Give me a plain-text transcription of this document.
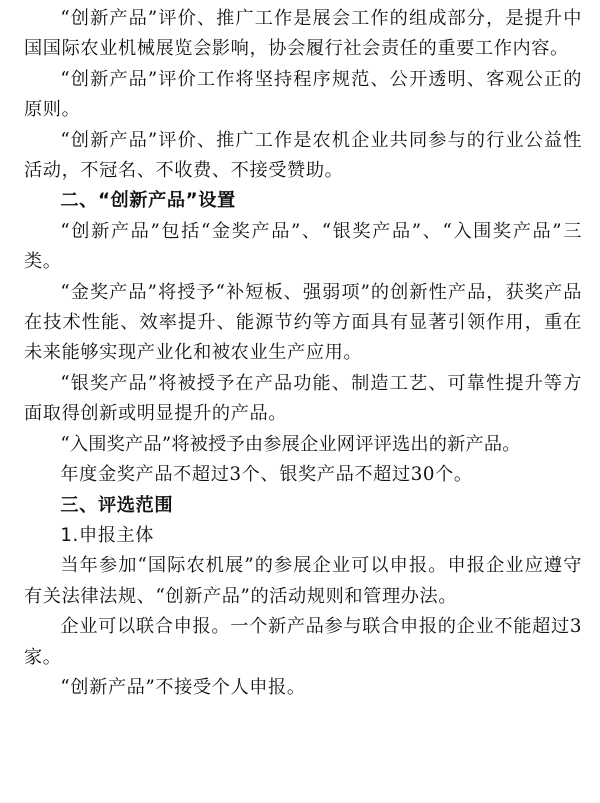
“创新产品”评价、推广工作是展会工作的组成部分，是提升中国国际农业机械展览会影响，协会履行社会责任的重要工作内容。

“创新产品”评价工作将坚持程序规范、公开透明、客观公正的原则。

“创新产品”评价、推广工作是农机企业共同参与的行业公益性活动，不冠名、不收费、不接受赞助。

二、“创新产品”设置

“创新产品”包括“金奖产品”、“银奖产品”、“入围奖产品”三类。

“金奖产品”将授予“补短板、强弱项”的创新性产品，获奖产品在技术性能、效率提升、能源节约等方面具有显著引领作用，重在未来能够实现产业化和被农业生产应用。

“银奖产品”将被授予在产品功能、制造工艺、可靠性提升等方面取得创新或明显提升的产品。

“入围奖产品”将被授予由参展企业网评评选出的新产品。

年度金奖产品不超过3个、银奖产品不超过30个。

三、评选范围

1.申报主体

当年参加“国际农机展”的参展企业可以申报。申报企业应遵守有关法律法规、“创新产品”的活动规则和管理办法。

企业可以联合申报。一个新产品参与联合申报的企业不能超过3家。

“创新产品”不接受个人申报。
